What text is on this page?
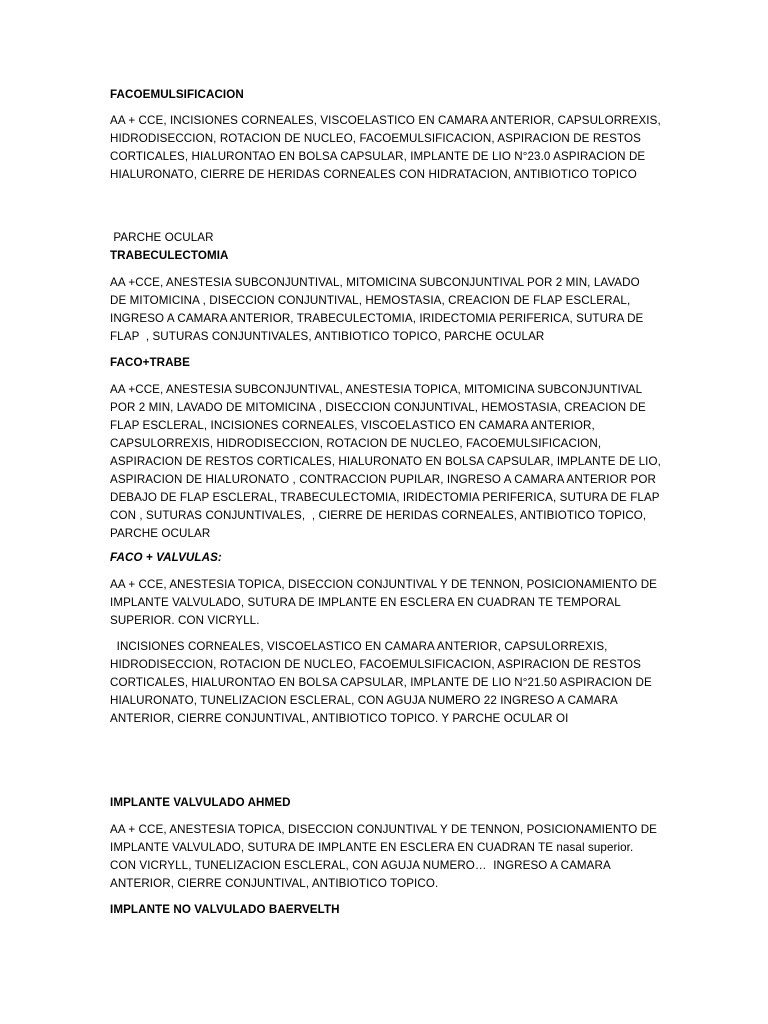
FACOEMULSIFICACION
AA + CCE, INCISIONES CORNEALES, VISCOELASTICO EN CAMARA ANTERIOR, CAPSULORREXIS,
HIDRODISECCION, ROTACION DE NUCLEO, FACOEMULSIFICACION, ASPIRACION DE RESTOS
CORTICALES, HIALURONTAO EN BOLSA CAPSULAR, IMPLANTE DE LIO N°23.0 ASPIRACION DE
HIALURONATO, CIERRE DE HERIDAS CORNEALES CON HIDRATACION, ANTIBIOTICO TOPICO

PARCHE OCULAR

TRABECULECTOMIA
AA +CCE, ANESTESIA SUBCONJUNTIVAL, MITOMICINA SUBCONJUNTIVAL POR 2 MIN, LAVADO
DE MITOMICINA , DISECCION CONJUNTIVAL, HEMOSTASIA, CREACION DE FLAP ESCLERAL,
INGRESO A CAMARA ANTERIOR, TRABECULECTOMIA, IRIDECTOMIA PERIFERICA, SUTURA DE
FLAP  , SUTURAS CONJUNTIVALES, ANTIBIOTICO TOPICO, PARCHE OCULAR
FACO+TRABE
AA +CCE, ANESTESIA SUBCONJUNTIVAL, ANESTESIA TOPICA, MITOMICINA SUBCONJUNTIVAL
POR 2 MIN, LAVADO DE MITOMICINA , DISECCION CONJUNTIVAL, HEMOSTASIA, CREACION DE
FLAP ESCLERAL, INCISIONES CORNEALES, VISCOELASTICO EN CAMARA ANTERIOR,
CAPSULORREXIS, HIDRODISECCION, ROTACION DE NUCLEO, FACOEMULSIFICACION,
ASPIRACION DE RESTOS CORTICALES, HIALURONATO EN BOLSA CAPSULAR, IMPLANTE DE LIO,
ASPIRACION DE HIALURONATO , CONTRACCION PUPILAR, INGRESO A CAMARA ANTERIOR POR
DEBAJO DE FLAP ESCLERAL, TRABECULECTOMIA, IRIDECTOMIA PERIFERICA, SUTURA DE FLAP
CON , SUTURAS CONJUNTIVALES,  , CIERRE DE HERIDAS CORNEALES, ANTIBIOTICO TOPICO,
PARCHE OCULAR
FACO + VALVULAS:
AA + CCE, ANESTESIA TOPICA, DISECCION CONJUNTIVAL Y DE TENNON, POSICIONAMIENTO DE
IMPLANTE VALVULADO, SUTURA DE IMPLANTE EN ESCLERA EN CUADRAN TE TEMPORAL
SUPERIOR. CON VICRYLL.
INCISIONES CORNEALES, VISCOELASTICO EN CAMARA ANTERIOR, CAPSULORREXIS,
HIDRODISECCION, ROTACION DE NUCLEO, FACOEMULSIFICACION, ASPIRACION DE RESTOS
CORTICALES, HIALURONTAO EN BOLSA CAPSULAR, IMPLANTE DE LIO N°21.50 ASPIRACION DE
HIALURONATO, TUNELIZACION ESCLERAL, CON AGUJA NUMERO 22 INGRESO A CAMARA
ANTERIOR, CIERRE CONJUNTIVAL, ANTIBIOTICO TOPICO. Y PARCHE OCULAR OI
IMPLANTE VALVULADO AHMED
AA + CCE, ANESTESIA TOPICA, DISECCION CONJUNTIVAL Y DE TENNON, POSICIONAMIENTO DE
IMPLANTE VALVULADO, SUTURA DE IMPLANTE EN ESCLERA EN CUADRAN TE nasal superior.
CON VICRYLL, TUNELIZACION ESCLERAL, CON AGUJA NUMERO…  INGRESO A CAMARA
ANTERIOR, CIERRE CONJUNTIVAL, ANTIBIOTICO TOPICO.
IMPLANTE NO VALVULADO BAERVELTH
